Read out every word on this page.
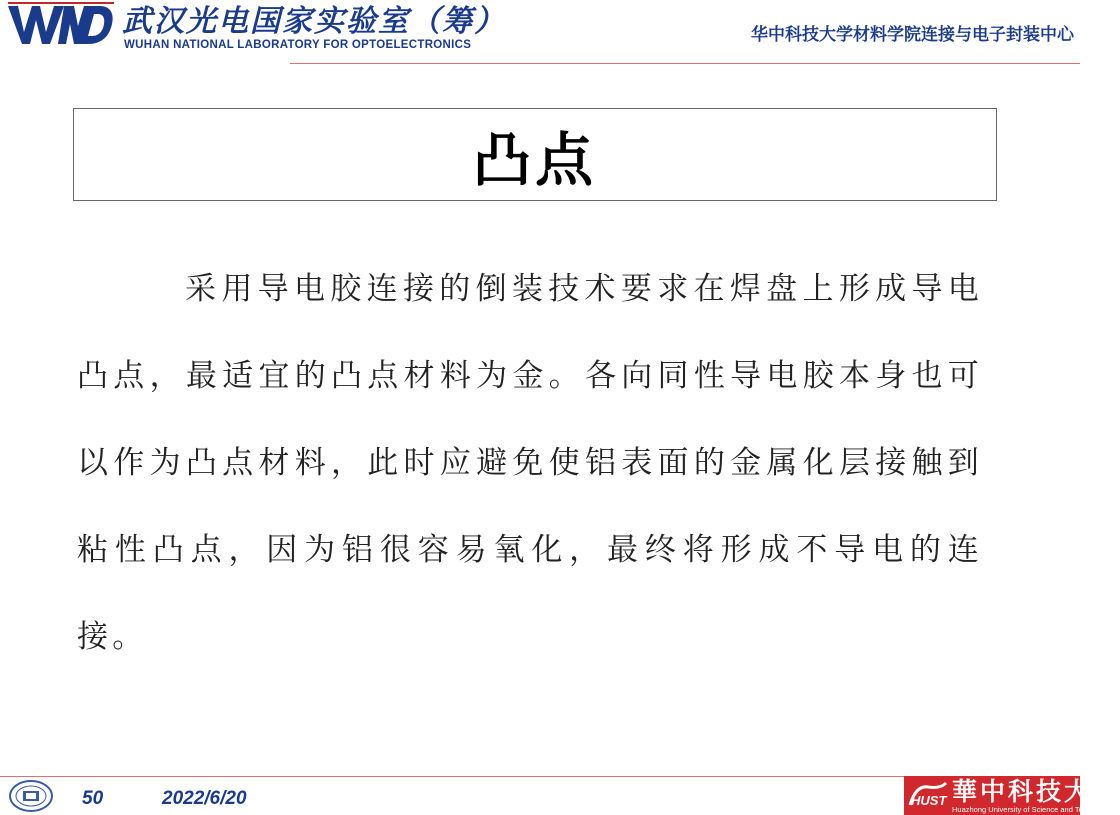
武汉光电国家实验室（筹）
WUHAN NATIONAL LABORATORY FOR OPTOELECTRONICS	华中科技大学材料学院连接与电子封装中心
凸点
采用导电胶连接的倒装技术要求在焊盘上形成导电凸点，最适宜的凸点材料为金。各向同性导电胶本身也可以作为凸点材料，此时应避免使铝表面的金属化层接触到粘性凸点，因为铝很容易氧化，最终将形成不导电的连接。
50	2022/6/20	HUST 華中科技大学
Huazhong University of Science and Technology
